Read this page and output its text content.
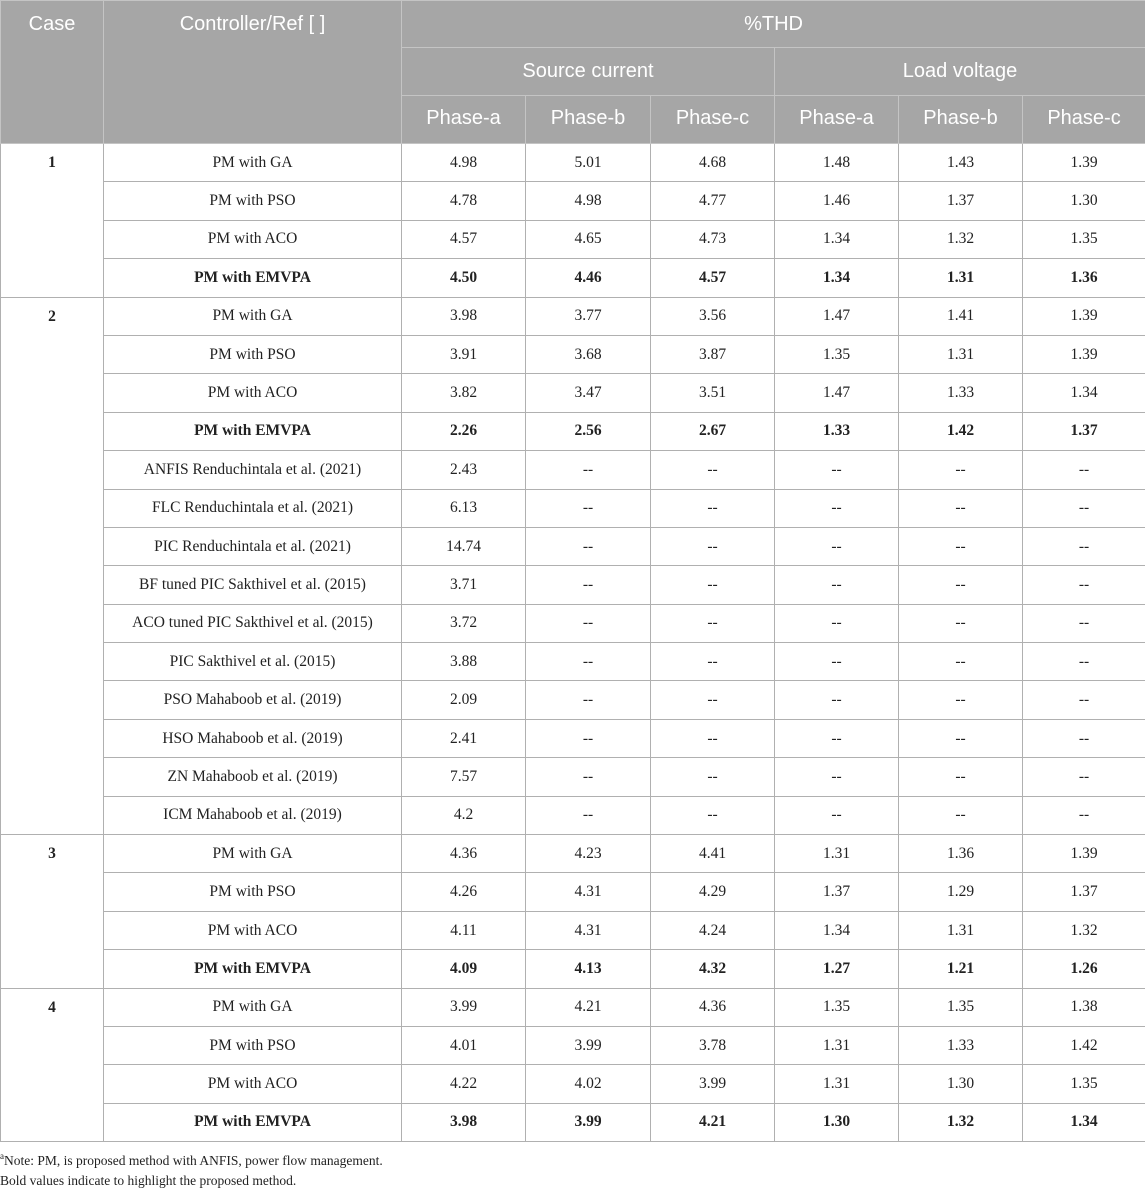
Case	Controller/Ref [ ]	%THD					
		Source current			Load voltage		
		Phase-a	Phase-b	Phase-c	Phase-a	Phase-b	Phase-c
1	PM with GA	4.98	5.01	4.68	1.48	1.43	1.39
	PM with PSO	4.78	4.98	4.77	1.46	1.37	1.30
	PM with ACO	4.57	4.65	4.73	1.34	1.32	1.35
	PM with EMVPA	4.50	4.46	4.57	1.34	1.31	1.36
2	PM with GA	3.98	3.77	3.56	1.47	1.41	1.39
	PM with PSO	3.91	3.68	3.87	1.35	1.31	1.39
	PM with ACO	3.82	3.47	3.51	1.47	1.33	1.34
	PM with EMVPA	2.26	2.56	2.67	1.33	1.42	1.37
	ANFIS Renduchintala et al. (2021)	2.43	--	--	--	--	--
	FLC Renduchintala et al. (2021)	6.13	--	--	--	--	--
	PIC Renduchintala et al. (2021)	14.74	--	--	--	--	--
	BF tuned PIC Sakthivel et al. (2015)	3.71	--	--	--	--	--
	ACO tuned PIC Sakthivel et al. (2015)	3.72	--	--	--	--	--
	PIC Sakthivel et al. (2015)	3.88	--	--	--	--	--
	PSO Mahaboob et al. (2019)	2.09	--	--	--	--	--
	HSO Mahaboob et al. (2019)	2.41	--	--	--	--	--
	ZN Mahaboob et al. (2019)	7.57	--	--	--	--	--
	ICM Mahaboob et al. (2019)	4.2	--	--	--	--	--
3	PM with GA	4.36	4.23	4.41	1.31	1.36	1.39
	PM with PSO	4.26	4.31	4.29	1.37	1.29	1.37
	PM with ACO	4.11	4.31	4.24	1.34	1.31	1.32
	PM with EMVPA	4.09	4.13	4.32	1.27	1.21	1.26
4	PM with GA	3.99	4.21	4.36	1.35	1.35	1.38
	PM with PSO	4.01	3.99	3.78	1.31	1.33	1.42
	PM with ACO	4.22	4.02	3.99	1.31	1.30	1.35
	PM with EMVPA	3.98	3.99	4.21	1.30	1.32	1.34
$^a$Note: PM, is proposed method with ANFIS, power flow management.
Bold values indicate to highlight the proposed method.
